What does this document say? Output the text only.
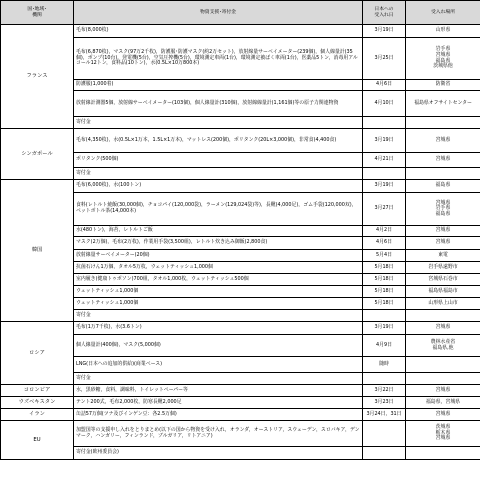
国･地域･
機関	物資支援･寄付金	日本への
受入れ日	受入れ場所
フランス	毛布(8,000枚)	3月19日	山形県
	毛布(6,870枚)，マスク(97万2千枚)，防護服･防護マスク(約2万セット)，放射線量サーベイメーター(239個)，個人線量計(35個)，ポンプ(10台)，発電機(5台)，空気圧搾機(5台)，環境測定車両(1台)，環境測定被ばく車両(1台)，医薬品5トン，消毒用アルコール12トン，食料品(10トン)，水(0.5L×10万800本)	3月25日	岩手県
宮城県
福島県
茨城県他
	防護服(1,000着)	4月6日	防衛省
	放射線計測器5個，放射線サーベイメーター(103個)，個人線量計(310個)，放射線線量計(1,161個)等の原子力関連物資	4月10日	福島県オフサイトセンター
	寄付金		
シンガポール	毛布(4,350枚)，水(0.5L×1万本，1.5L×1万本)，マットレス(200個)，ポリタンク(20L×3,000個)，非常食(4,400食)	3月19日	宮城県
	ポリタンク(500個)	4月21日	宮城県
	寄付金		
韓国	毛布(6,000枚)，水(100トン)	3月19日	福島県
	食料(レトルト焼飯(30,000個)，チョコパイ(120,000袋)，ラーメン(129,024袋)等)，長靴(4,000足)，ゴム手袋(120,000双)，ペットボトル茶(14,000本)	3月27日	宮城県
岩手県
福島県
	水(480トン)，海苔，レトルトご飯	4月2日	宮城県
	マスク(2万個)，毛布(2万枚)，作業用手袋(3,500組)，レトルト炊き込み御飯(2,800食)	4月6日	宮城県
	放射線量サーベイメーター(20個)	5月4日	東電
	抗菌石けん1万個，タオル5万枚，ウェットティッシュ1,000個	5月18日	岩手県遠野市
	室内履き(健康トゥポソン)700組，タオル1,000枚，ウェットティッシュ500個	5月18日	宮城県石巻市
	ウェットティッシュ1,000個	5月18日	福島県福島市
	ウェットティッシュ1,000個	5月18日	山形県上山市
	寄付金		
ロシア	毛布(1万7千枚)，水(3.6トン)	3月19日	宮城県
	個人線量計(400個)，マスク(5,000個)	4月9日	農林水産省
福島県,他
	LNG(日本への追加的供給)(商業ベース)	随時	
	寄付金		
コロンビア	水，黒砂糖，食料，調味料，トイレットペーパー等	3月22日	宮城県
ウズベキスタン	テント200式，毛布2,000枚，防寒長靴2,000足	3月23日	福島県，宮城県
イラン	缶詰57万個(ツナ及びインゲン豆：各2.5万個)	3月24日，31日	宮城県
EU	加盟国等の支援申し入れをとりまとめ(以下の国から物資を受け入れ，オランダ，オーストリア，スウェーデン，スロバキア，デンマーク，ハンガリー，フィンランド，ブルガリア，リトアニア)		茨城県
栃木県
宮城県
	寄付金(欧州委員会)		
